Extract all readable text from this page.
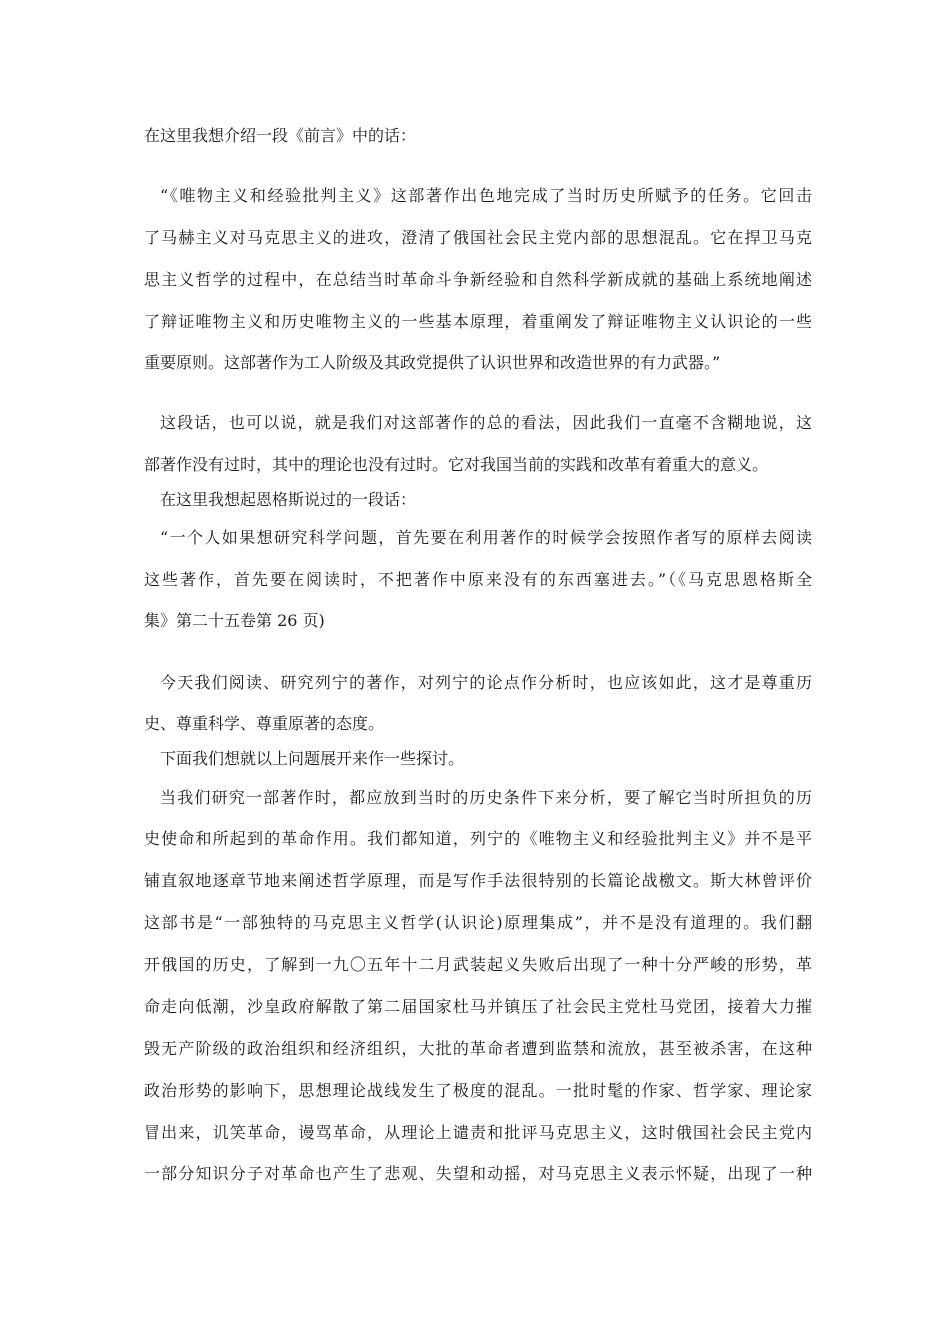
在这里我想介绍一段《前言》中的话：
“《唯物主义和经验批判主义》这部著作出色地完成了当时历史所赋予的任务。它回击
了马赫主义对马克思主义的进攻，澄清了俄国社会民主党内部的思想混乱。它在捍卫马克
思主义哲学的过程中，在总结当时革命斗争新经验和自然科学新成就的基础上系统地阐述
了辩证唯物主义和历史唯物主义的一些基本原理，着重阐发了辩证唯物主义认识论的一些
重要原则。这部著作为工人阶级及其政党提供了认识世界和改造世界的有力武器。”
这段话，也可以说，就是我们对这部著作的总的看法，因此我们一直毫不含糊地说，这
部著作没有过时，其中的理论也没有过时。它对我国当前的实践和改革有着重大的意义。
在这里我想起恩格斯说过的一段话：
“一个人如果想研究科学问题，首先要在利用著作的时候学会按照作者写的原样去阅读
这些著作，首先要在阅读时，不把著作中原来没有的东西塞进去。”（《马克思恩格斯全
集》第二十五卷第 26 页)
今天我们阅读、研究列宁的著作，对列宁的论点作分析时，也应该如此，这才是尊重历
史、尊重科学、尊重原著的态度。
下面我们想就以上问题展开来作一些探讨。
当我们研究一部著作时，都应放到当时的历史条件下来分析，要了解它当时所担负的历
史使命和所起到的革命作用。我们都知道，列宁的《唯物主义和经验批判主义》并不是平
铺直叙地逐章节地来阐述哲学原理，而是写作手法很特别的长篇论战檄文。斯大林曾评价
这部书是“一部独特的马克思主义哲学(认识论)原理集成”，并不是没有道理的。我们翻
开俄国的历史，了解到一九〇五年十二月武装起义失败后出现了一种十分严峻的形势，革
命走向低潮，沙皇政府解散了第二届国家杜马并镇压了社会民主党杜马党团，接着大力摧
毁无产阶级的政治组织和经济组织，大批的革命者遭到监禁和流放，甚至被杀害，在这种
政治形势的影响下，思想理论战线发生了极度的混乱。一批时髦的作家、哲学家、理论家
冒出来，讥笑革命，谩骂革命，从理论上谴责和批评马克思主义，这时俄国社会民主党内
一部分知识分子对革命也产生了悲观、失望和动摇，对马克思主义表示怀疑，出现了一种
